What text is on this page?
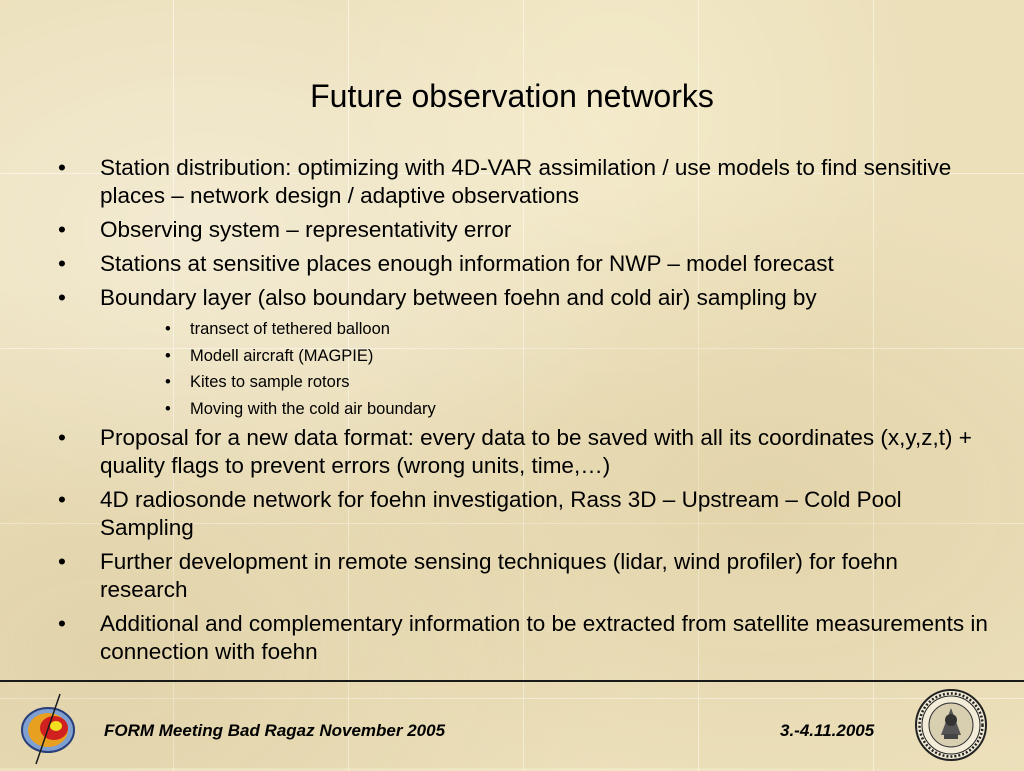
Future observation networks
• Station distribution: optimizing with 4D-VAR assimilation / use models to find sensitive places – network design / adaptive observations
• Observing system – representativity error
• Stations at sensitive places enough information for NWP – model forecast
• Boundary layer (also boundary between foehn and cold air) sampling by
• transect of tethered balloon
• Modell aircraft (MAGPIE)
• Kites to sample rotors
• Moving with the cold air boundary
• Proposal for a new data format: every data to be saved with all its coordinates (x,y,z,t) + quality flags to prevent errors (wrong units, time,…)
• 4D radiosonde network for foehn investigation, Rass 3D – Upstream – Cold Pool Sampling
• Further development in remote sensing techniques (lidar, wind profiler) for foehn research
• Additional and complementary information to be extracted from satellite measurements in connection with foehn
FORM Meeting Bad Ragaz November 2005	3.-4.11.2005
